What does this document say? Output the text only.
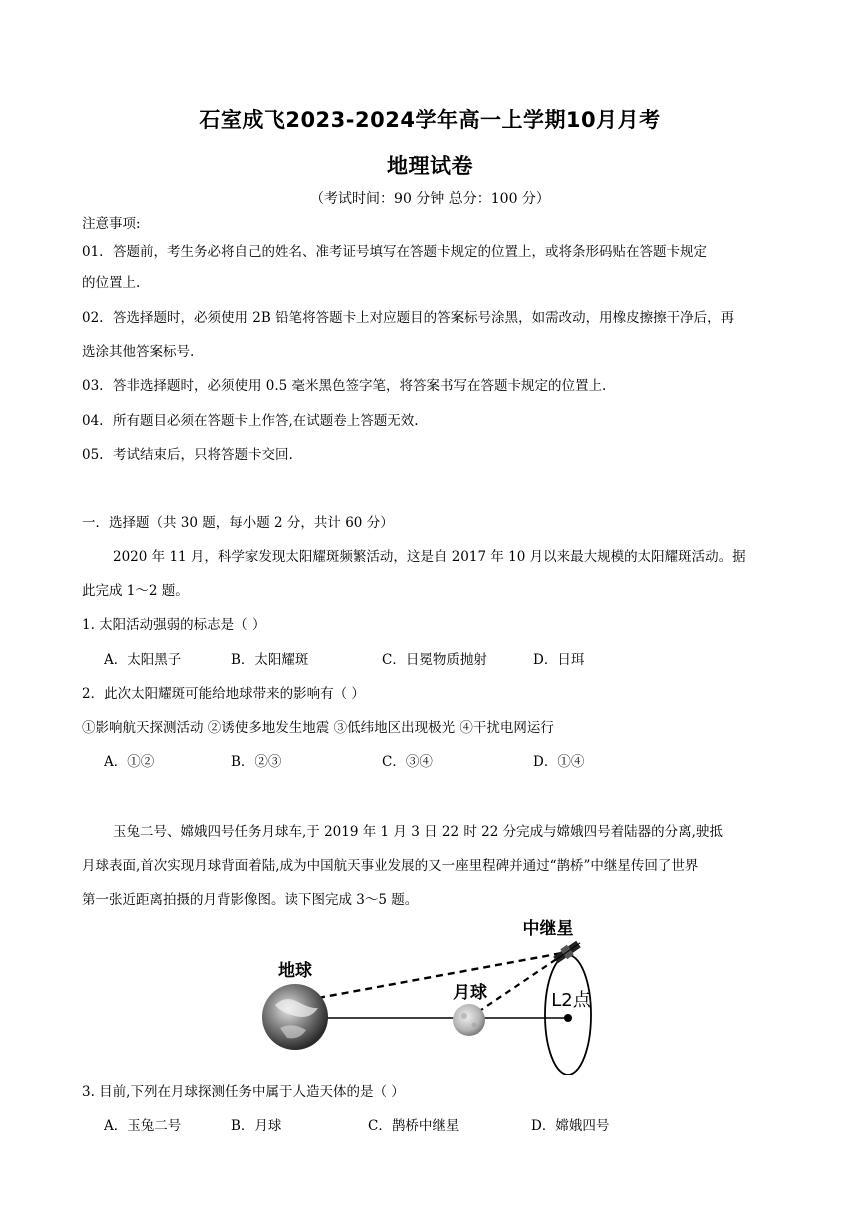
石室成飞2023-2024学年高一上学期10月月考
地理试卷
（考试时间：90 分钟 总分：100 分）
注意事项:
01. 答题前，考生务必将自己的姓名、准考证号填写在答题卡规定的位置上，或将条形码贴在答题卡规定
的位置上.
02. 答选择题时，必须使用 2B 铅笔将答题卡上对应题目的答案标号涂黑，如需改动，用橡皮擦擦干净后，再
选涂其他答案标号.
03. 答非选择题时，必须使用 0.5 毫米黑色签字笔，将答案书写在答题卡规定的位置上.
04. 所有题目必须在答题卡上作答,在试题卷上答题无效.
05. 考试结束后，只将答题卡交回.
一．选择题（共 30 题，每小题 2 分，共计 60 分）
2020 年 11 月，科学家发现太阳耀斑频繁活动，这是自 2017 年 10 月以来最大规模的太阳耀斑活动。据
此完成 1～2 题。
1. 太阳活动强弱的标志是（ ）
A．太阳黑子	B．太阳耀斑	C．日冕物质抛射	D．日珥
2．此次太阳耀斑可能给地球带来的影响有（ ）
①影响航天探测活动 ②诱使多地发生地震 ③低纬地区出现极光 ④干扰电网运行
A．①②	B．②③	C．③④	D．①④
玉兔二号、嫦娥四号任务月球车,于 2019 年 1 月 3 日 22 时 22 分完成与嫦娥四号着陆器的分离,驶抵
月球表面,首次实现月球背面着陆,成为中国航天事业发展的又一座里程碑并通过“鹊桥”中继星传回了世界
第一张近距离拍摄的月背影像图。读下图完成 3～5 题。
地球
月球
中继星
L2点
3. 目前,下列在月球探测任务中属于人造天体的是（ ）
A．玉兔二号	B．月球	C．鹊桥中继星	D．嫦娥四号
